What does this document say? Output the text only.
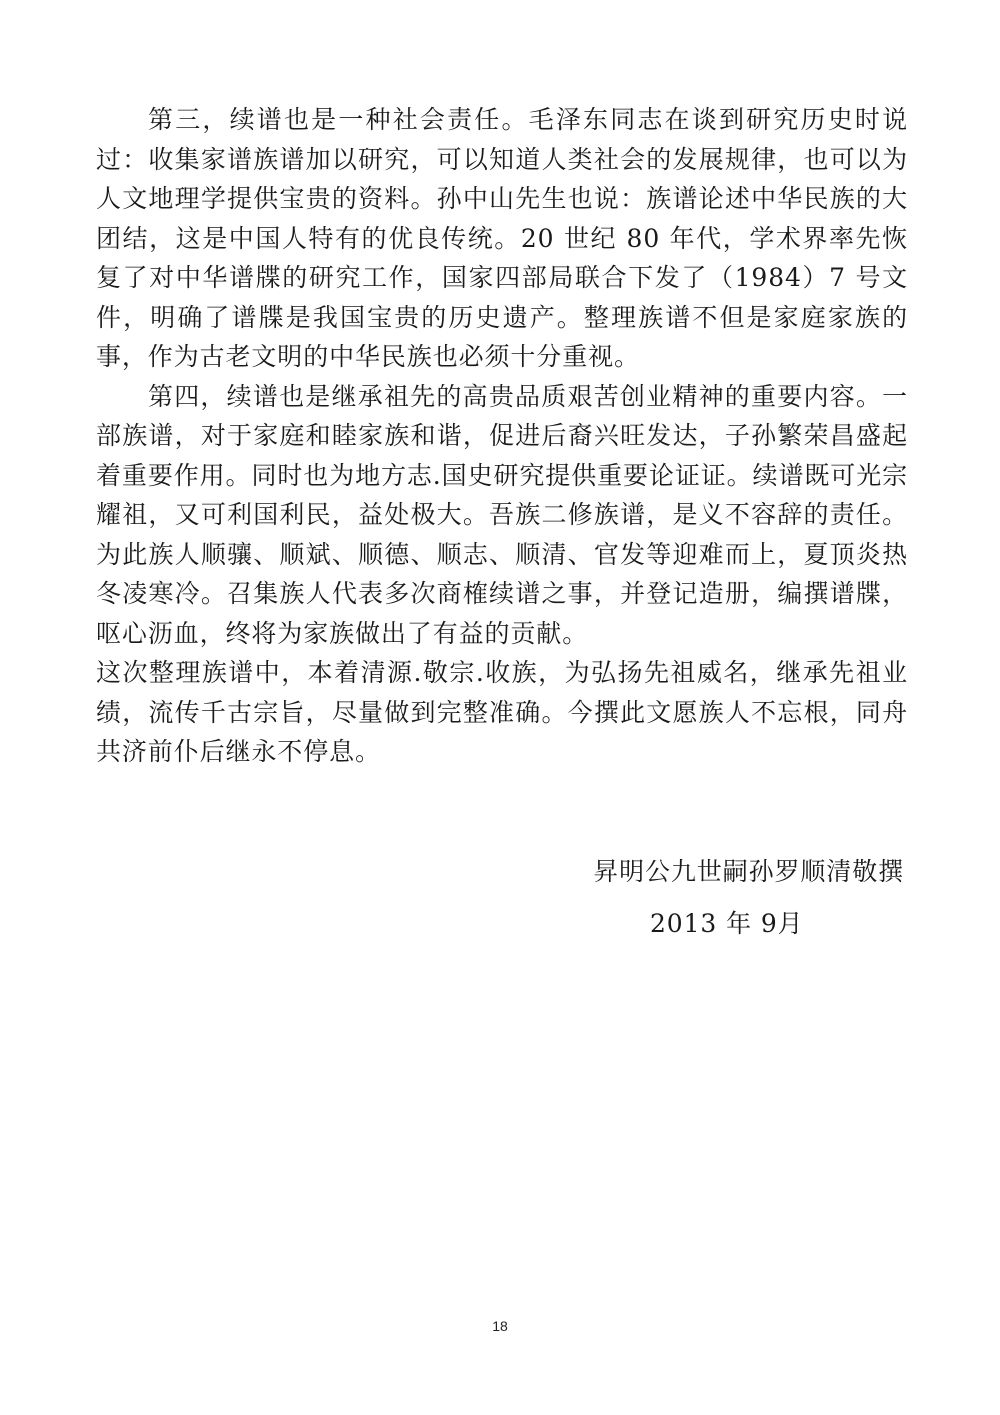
第三，续谱也是一种社会责任。毛泽东同志在谈到研究历史时说过：收集家谱族谱加以研究，可以知道人类社会的发展规律，也可以为人文地理学提供宝贵的资料。孙中山先生也说：族谱论述中华民族的大团结，这是中国人特有的优良传统。20 世纪 80 年代，学术界率先恢复了对中华谱牒的研究工作，国家四部局联合下发了（1984）7 号文件，明确了谱牒是我国宝贵的历史遗产。整理族谱不但是家庭家族的事，作为古老文明的中华民族也必须十分重视。

第四，续谱也是继承祖先的高贵品质艰苦创业精神的重要内容。一部族谱，对于家庭和睦家族和谐，促进后裔兴旺发达，子孙繁荣昌盛起着重要作用。同时也为地方志.国史研究提供重要论证证。续谱既可光宗耀祖，又可利国利民，益处极大。吾族二修族谱，是义不容辞的责任。为此族人顺骧、顺斌、顺德、顺志、顺清、官发等迎难而上，夏顶炎热冬凌寒冷。召集族人代表多次商榷续谱之事，并登记造册，编撰谱牒，呕心沥血，终将为家族做出了有益的贡献。

这次整理族谱中，本着清源.敬宗.收族，为弘扬先祖威名，继承先祖业绩，流传千古宗旨，尽量做到完整准确。今撰此文愿族人不忘根，同舟共济前仆后继永不停息。

昇明公九世嗣孙罗顺清敬撰
2013 年 9月
18
